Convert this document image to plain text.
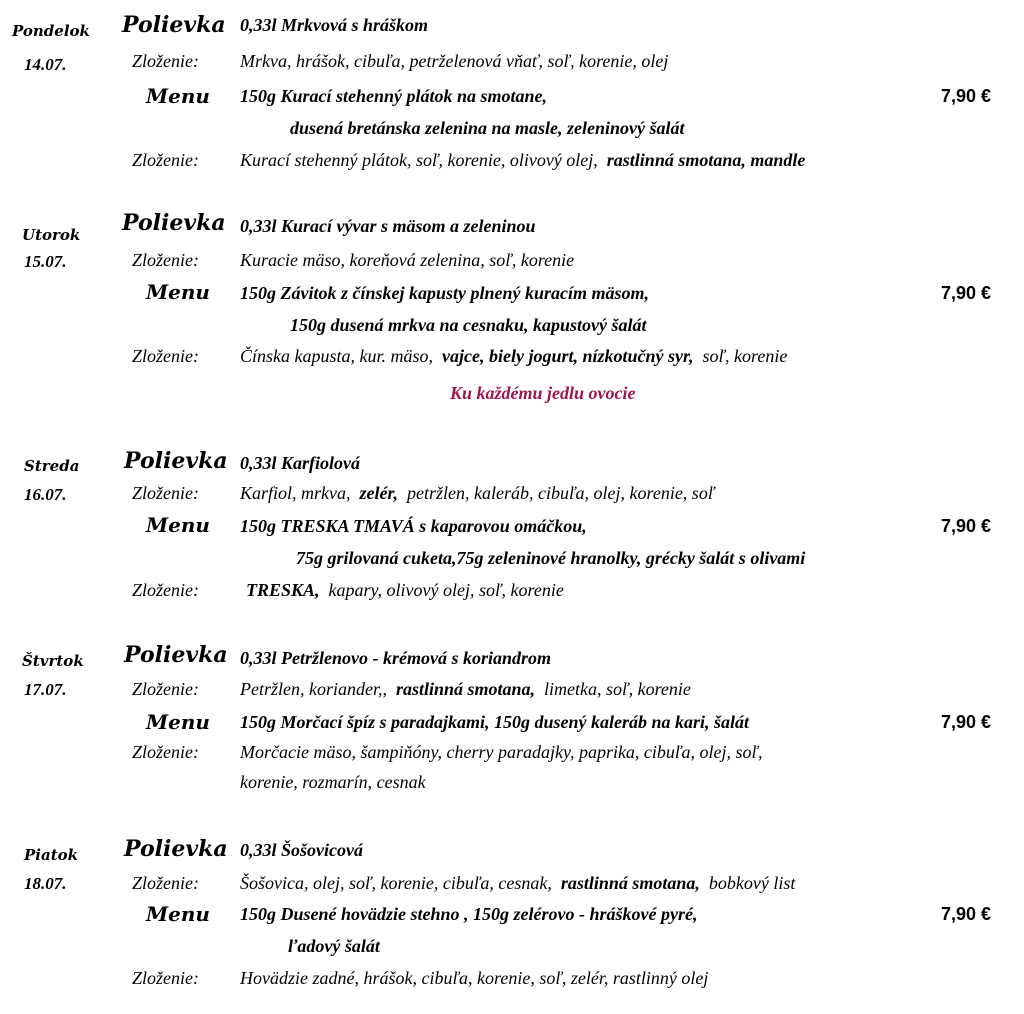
Pondelok
14.07.
Polievka 0,33l Mrkvová s hráškom
Zloženie: Mrkva, hrášok, cibuľa, petrželenová vňať, soľ, korenie, olej
Menu 150g Kurací stehenný plátok na smotane,	7,90 €
dusená bretánska zelenina na masle, zeleninový šalát
Zloženie: Kurací stehenný plátok, soľ, korenie, olivový olej, rastlinná smotana, mandle
Utorok
15.07.
Polievka 0,33l Kurací vývar s mäsom a zeleninou
Zloženie: Kuracie mäso, koreňová zelenina, soľ, korenie
Menu 150g Závitok z čínskej kapusty plnený kuracím mäsom,	7,90 €
150g dusená mrkva na cesnaku, kapustový šalát
Zloženie: Čínska kapusta, kur. mäso, vajce, biely jogurt, nízkotučný syr, soľ, korenie
Ku každému jedlu ovocie
Streda
16.07.
Polievka 0,33l Karfiolová
Zloženie: Karfiol, mrkva, zelér, petržlen, kaleráb, cibuľa, olej, korenie, soľ
Menu 150g TRESKA TMAVÁ s kaparovou omáčkou,	7,90 €
75g grilovaná cuketa,75g zeleninové hranolky, grécky šalát s olivami
Zloženie:	TRESKA, kapary, olivový olej, soľ, korenie
Štvrtok
17.07.
Polievka 0,33l Petržlenovo - krémová s koriandrom
Zloženie: Petržlen, koriander,, rastlinná smotana, limetka, soľ, korenie
Menu 150g Morčací špíz s paradajkami, 150g dusený kaleráb na kari, šalát	7,90 €
Zloženie: Morčacie mäso, šampiňóny, cherry paradajky, paprika, cibuľa, olej, soľ,
korenie, rozmarín, cesnak
Piatok
18.07.
Polievka 0,33l Šošovicová
Zloženie: Šošovica, olej, soľ, korenie, cibuľa, cesnak, rastlinná smotana, bobkový list
Menu 150g Dusené hovädzie stehno , 150g zelérovo - hráškové pyré,	7,90 €
ľadový šalát
Zloženie: Hovädzie zadné, hrášok, cibuľa, korenie, soľ, zelér, rastlinný olej
